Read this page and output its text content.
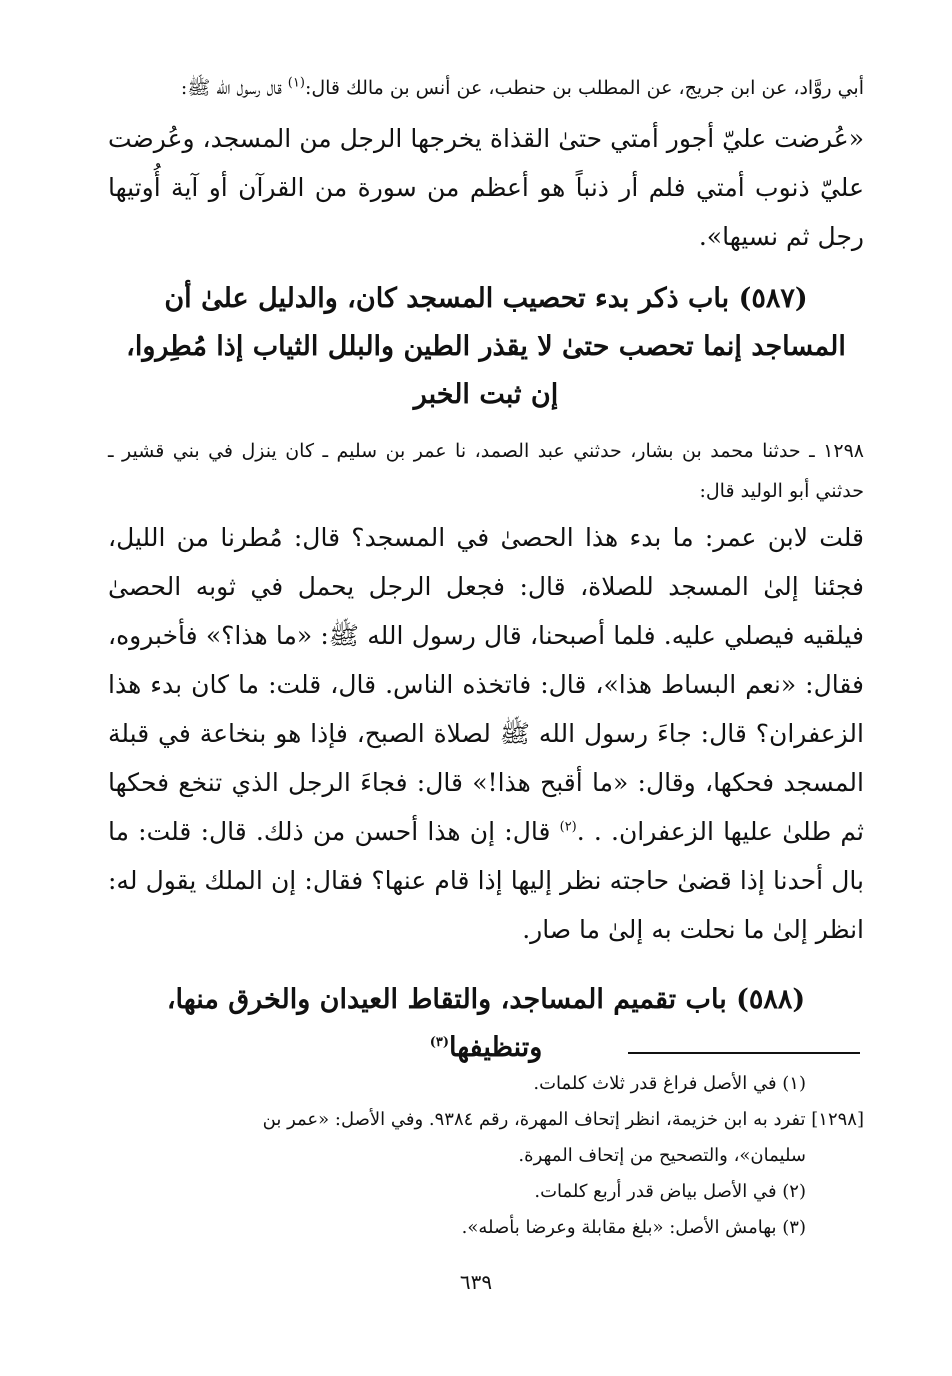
أبي روَّاد، عن ابن جريج، عن المطلب بن حنطب، عن أنس بن مالك قال:$^{(١)}$ قال رسول الله ﷺ:

«عُرضت عليّ أجور أمتي حتىٰ القذاة يخرجها الرجل من المسجد، وعُرضت عليّ ذنوب أمتي فلم أر ذنباً هو أعظم من سورة من القرآن أو آية أُوتيها رجل ثم نسيها».

(٥٨٧) باب ذكر بدء تحصيب المسجد كان، والدليل علىٰ أن المساجد إنما تحصب حتىٰ لا يقذر الطين والبلل الثياب إذا مُطِروا، إن ثبت الخبر

١٢٩٨ ـ حدثنا محمد بن بشار، حدثني عبد الصمد، نا عمر بن سليم ـ كان ينزل في بني قشير ـ حدثني أبو الوليد قال:

قلت لابن عمر: ما بدء هذا الحصىٰ في المسجد؟ قال: مُطرنا من الليل، فجئنا إلىٰ المسجد للصلاة، قال: فجعل الرجل يحمل في ثوبه الحصىٰ فيلقيه فيصلي عليه. فلما أصبحنا، قال رسول الله ﷺ: «ما هذا؟» فأخبروه، فقال: «نعم البساط هذا»، قال: فاتخذه الناس. قال، قلت: ما كان بدء هذا الزعفران؟ قال: جاءَ رسول الله ﷺ لصلاة الصبح، فإذا هو بنخاعة في قبلة المسجد فحكها، وقال: «ما أقبح هذا!» قال: فجاءَ الرجل الذي تنخع فحكها ثم طلىٰ عليها الزعفران. . .$^{(٢)}$ قال: إن هذا أحسن من ذلك. قال: قلت: ما بال أحدنا إذا قضىٰ حاجته نظر إليها إذا قام عنها؟ فقال: إن الملك يقول له: انظر إلىٰ ما نحلت به إلىٰ ما صار.

(٥٨٨) باب تقميم المساجد، والتقاط العيدان والخرق منها، وتنظيفها$^{(٣)}$

(١) في الأصل فراغ قدر ثلاث كلمات.

[١٢٩٨] تفرد به ابن خزيمة، انظر إتحاف المهرة، رقم ٩٣٨٤. وفي الأصل: «عمر بن

سليمان»، والتصحيح من إتحاف المهرة.

(٢) في الأصل بياض قدر أربع كلمات.

(٣) بهامش الأصل: «بلغ مقابلة وعرضا بأصله».

٦٣٩
